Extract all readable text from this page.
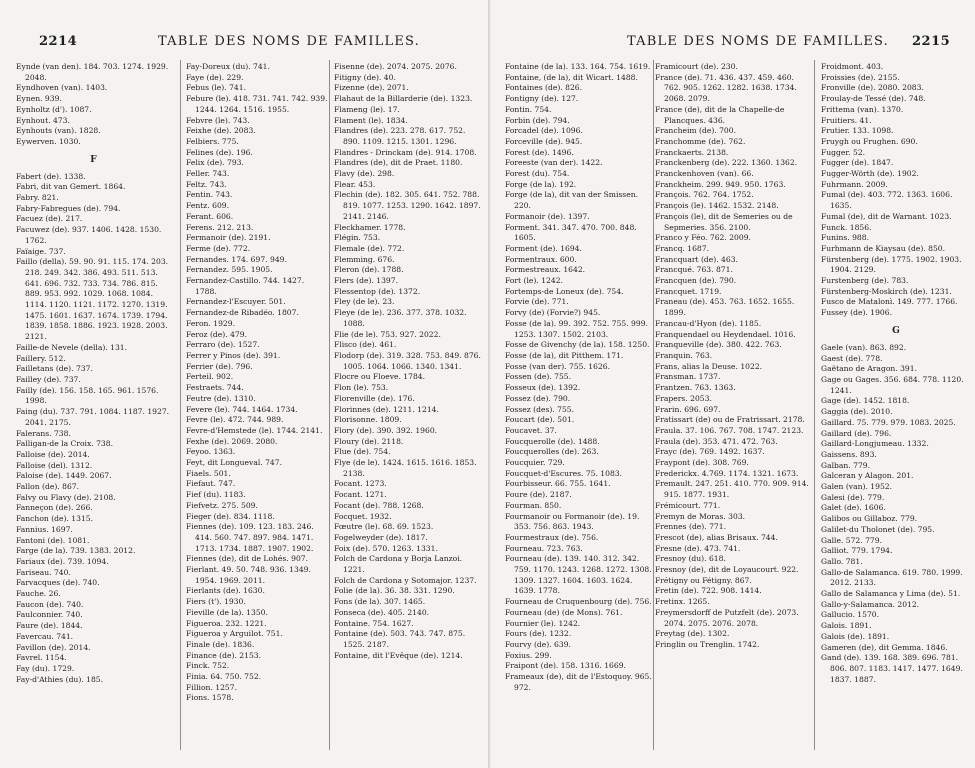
2214	TABLE DES NOMS DE FAMILLES.
Eynde (van den). 184. 703. 1274. 1929. 2048.
Eyndhoven (van). 1403.
Eynen. 939.
Eynholtz (d'). 1087.
Eynhout. 473.
Eynhouts (van). 1828.
Eywerven. 1030.
F
Fabert (de). 1338.
Fabri, dit van Gemert. 1864.
Fabry. 821.
Fabry-Fabregues (de). 794.
Facuez (de). 217.
Facuwez (de). 937. 1406. 1428. 1530. 1762.
Faïaige. 737.
Faillo (della). 59. 90. 91. 115. 174. 203. 218. 249. 342. 386. 493. 511. 513. 641. 696. 732. 733. 734. 786. 815. 889. 953. 992. 1029. 1068. 1084. 1114. 1120. 1121. 1172. 1270. 1319. 1475. 1601. 1637. 1674. 1739. 1794. 1839. 1858. 1886. 1923. 1928. 2003. 2121.
Faille-de Nevele (della). 131.
Faillery. 512.
Failletans (de). 737.
Failley (de). 737.
Failly (de). 156. 158. 165. 961. 1576. 1998.
Faing (du). 737. 791. 1084. 1187. 1927. 2041. 2175.
Falerans. 738.
Falligan-de la Croix. 738.
Falloise (de). 2014.
Falloise (del). 1312.
Faloise (de). 1449. 2067.
Fallon (de). 867.
Falvy ou Flavy (de). 2108.
Fanneçon (de). 266.
Fanchon (de). 1315.
Fannius. 1697.
Fantoni (de). 1081.
Farge (de la). 739. 1383. 2012.
Fariaux (de). 739. 1094.
Fariseau. 740.
Farvacques (de). 740.
Fauche. 26.
Faucon (de). 740.
Faulconnier. 740.
Faure (de). 1844.
Favercau. 741.
Favillon (de). 2014.
Favrel. 1154.
Fay (du). 1729.
Fay-d'Athies (du). 185.
Fay-Doreux (du). 741.
Faye (de). 229.
Febus (le). 741.
Febure (le). 418. 731. 741. 742. 939. 1244. 1264. 1516. 1955.
Febvre (le). 743.
Feixhe (de). 2083.
Felbiers. 775.
Felines (de). 196.
Felix (de). 793.
Feller. 743.
Feltz. 743.
Fentin. 743.
Fentz. 609.
Ferant. 606.
Ferens. 212. 213.
Fermanoir (de). 2191.
Ferme (de). 772.
Fernandes. 174. 697. 949.
Fernandez. 595. 1905.
Fernandez-Castillo. 744. 1427. 1788.
Fernandez-l'Escuyer. 501.
Fernandez-de Ribadéo. 1807.
Feron. 1929.
Feroz (de). 479.
Ferraro (de). 1527.
Ferrer y Pinos (de). 391.
Ferrier (de). 796.
Ferteil. 902.
Festraets. 744.
Feutre (de). 1310.
Fevere (le). 744. 1464. 1734.
Fevre (le). 472. 744. 989.
Fevre-d'Hemstede (le). 1744. 2141.
Fexhe (de). 2069. 2080.
Feyoo. 1363.
Feyt, dit Longueval. 747.
Fiaels. 501.
Fiefaut. 747.
Fief (du). 1183.
Fiefvetz. 275. 509.
Fieger (de). 834. 1118.
Fiennes (de). 109. 123. 183. 246. 414. 560. 747. 897. 984. 1471. 1713. 1734. 1887. 1907. 1902.
Fiennes (de), dit de Lohés. 907.
Fierlant. 49. 50. 748. 936. 1349. 1954. 1969. 2011.
Fierlants (de). 1630.
Fiers (t'). 1930.
Fieville (de la). 1350.
Figueroa. 232. 1221.
Figueroa y Arguilot. 751.
Finale (de). 1836.
Finance (de). 2153.
Finck. 752.
Finia. 64. 750. 752.
Fillion. 1257.
Fions. 1578.
Fisenne (de). 2074. 2075. 2076.
Fitigny (de). 40.
Fizenne (de). 2071.
Flahaut de la Billarderie (de). 1323.
Flameng (le). 17.
Flament (le). 1834.
Flandres (de). 223. 278. 617. 752. 890. 1109. 1215. 1301. 1296.
Flandres - Drinckam (de). 914. 1708.
Flandres (de), dit de Praet. 1180.
Flavy (de). 298.
Flear. 453.
Flechin (de). 182. 305. 641. 752. 788. 819. 1077. 1253. 1290. 1642. 1897. 2141. 2146.
Fleckhamer. 1778.
Flégin. 753.
Flemale (de). 772.
Flemming. 676.
Fleron (de). 1788.
Flers (de). 1397.
Flessentop (de). 1372.
Fley (de le). 23.
Fleye (de le). 236. 377. 378. 1032. 1088.
Flie (de le). 753. 927. 2022.
Flisco (de). 461.
Flodorp (de). 319. 328. 753. 849. 876. 1005. 1064. 1066. 1340. 1341.
Flocre ou Floeve. 1784.
Flon (le). 753.
Florenville (de). 176.
Florinnes (de). 1211. 1214.
Florisonne. 1809.
Flory (de). 390. 392. 1960.
Floury (de). 2118.
Flue (de). 754.
Flye (de le). 1424. 1615. 1616. 1853. 2138.
Focant. 1273.
Focant. 1271.
Focant (de). 788. 1268.
Focquet. 1932.
Fœutre (le). 68. 69. 1523.
Fogelweyder (de). 1817.
Foix (de). 570. 1263. 1331.
Folch de Cardona y Borja Lanzoi. 1221.
Folch de Cardona y Sotomajor. 1237.
Folie (de la). 36. 38. 331. 1290.
Fons (de la). 307. 1465.
Fonseca (de). 405. 2140.
Fontaine. 754. 1627.
Fontaine (de). 503. 743. 747. 875. 1525. 2187.
Fontaine, dit l'Evêque (de). 1214.
TABLE DES NOMS DE FAMILLES. 2215
Fontaine (de la). 133. 164. 754. 1619.
Fontaine, (de la), dit Wicart. 1488.
Fontaines (de). 826.
Fontigny (de). 127.
Fontin. 754.
Forbin (de). 794.
Forcadel (de). 1096.
Forceville (de). 945.
Forest (de). 1496.
Foreeste (van der). 1422.
Forest (du). 754.
Forge (de la). 192.
Forge (de la), dit van der Smissen. 220.
Formanoir (de). 1397.
Forment. 341. 347. 470. 700. 848. 1605.
Forment (de). 1694.
Formentraux. 600.
Formestreaux. 1642.
Fort (le). 1242.
Fortemps-de Loneux (de). 754.
Forvie (de). 771.
Forvy (de) (Forvie?) 945.
Fosse (de la). 99. 392. 752. 755. 999. 1253. 1307. 1502. 2103.
Fosse de Givenchy (de la). 158. 1250.
Fosse (de la), dit Pitthem. 171.
Fosse (van der). 755. 1626.
Fossen (de). 755.
Fosseux (de). 1392.
Fossez (de). 790.
Fossez (des). 755.
Foucart (de). 501.
Foucavet. 37.
Foucquerolle (de). 1488.
Foucquerolles (de). 263.
Foucquier. 729.
Foucquet-d'Escures. 75. 1083.
Fourbisseur. 66. 755. 1641.
Foure (de). 2187.
Fourman. 850.
Fourmanoir ou Formanoir (de). 19. 353. 756. 863. 1943.
Fourmestraux (de). 756.
Fourneau. 723. 763.
Fourneau (de). 139. 140. 312. 342. 759. 1170. 1243. 1268. 1272. 1308. 1309. 1327. 1604. 1603. 1624. 1639. 1778.
Fourneau de Cruquenbourg (de). 756.
Fourneau (de) (de Mons). 761.
Fournier (le). 1242.
Fours (de). 1232.
Fourvy (de). 639.
Foxius. 299.
Fraipont (de). 158. 1316. 1669.
Frameaux (de), dit de l'Estoquoy. 965. 972.
Framicourt (de). 230.
France (de). 71. 436. 437. 459. 460. 762. 905. 1262. 1282. 1638. 1734. 2068. 2079.
France (de), dit de la Chapelle-de Plancques. 436.
Francheim (de). 700.
Franchomme (de). 762.
Franckaerts. 2138.
Franckenberg (de). 222. 1360. 1362.
Franckenhoven (van). 66.
Franckheim. 299. 949. 950. 1763.
François. 762. 764. 1752.
François (le). 1462. 1532. 2148.
François (le), dit de Semeries ou de Sepmeries. 356. 2100.
Franco y Féo. 762. 2009.
Francq. 1687.
Francquart (de). 463.
Francqué. 763. 871.
Francquen (de). 790.
Francquet. 1719.
Franeau (de). 453. 763. 1652. 1655. 1899.
Francau-d'Hyon (de). 1185.
Franquendael ou Heydendael. 1016.
Franqueville (de). 380. 422. 763.
Franquin. 763.
Frans, alias la Deuse. 1022.
Fransman. 1737.
Frantzen. 763. 1363.
Frapers. 2053.
Frarin. 696. 697.
Fratissart (de) ou de Fratrissart. 2178.
Fraula. 37. 106. 767. 708. 1747. 2123.
Fraula (de). 353. 471. 472. 763.
Frayc (de). 769. 1492. 1637.
Fraypont (de). 308. 769.
Frederickx. 4.769. 1174. 1321. 1673.
Fremault. 247. 251. 410. 770. 909. 914. 915. 1877. 1931.
Frémicourt. 771.
Fremyn de Moras. 303.
Frennes (de). 771.
Frescot (de), alias Brisaux. 744.
Fresne (de). 473. 741.
Fresnoy (du). 618.
Fresnoy (de), dit de Loyaucourt. 922.
Frétigny ou Fétigny. 867.
Fretin (de). 722. 908. 1414.
Fretinx. 1265.
Freymersdorff de Putzfelt (de). 2073. 2074. 2075. 2076. 2078.
Freytag (de). 1302.
Fringlin ou Trenglin. 1742.
Froidmont. 403.
Froissies (de). 2155.
Fronville (de). 2080. 2083.
Froulay-de Tessé (de). 748.
Frittema (van). 1370.
Fruitiers. 41.
Frutier. 133. 1098.
Fruygh ou Frughen. 690.
Fugger. 52.
Fugger (de). 1847.
Fugger-Wörth (de). 1902.
Fuhrmann. 2009.
Fumal (de). 403. 772. 1363. 1606. 1635.
Fumal (de), dit de Warnant. 1023.
Funck. 1856.
Funins. 988.
Furhmann de Kiaysau (de). 850.
Fürstenberg (de). 1775. 1902. 1903. 1904. 2129.
Furstenberg (de). 783.
Fürstenberg-Moskirch (de). 1231.
Fusco de Matalonì. 149. 777. 1766.
Fussey (de). 1906.
G
Gaele (van). 863. 892.
Gaest (de). 778.
Gaëtano de Aragon. 391.
Gage ou Gages. 356. 684. 778. 1120. 1241.
Gage (de). 1452. 1818.
Gaggia (de). 2010.
Gaillard. 75. 779. 979. 1083. 2025.
Gaillard (de). 796.
Gaillard-Longjumeau. 1332.
Gaissens. 893.
Galban. 779.
Galceran y Alagon. 201.
Galen (van). 1952.
Galesi (de). 779.
Galet (de). 1606.
Galibos ou Gillaboz. 779.
Galilet-du Tholonet (de). 795.
Galle. 572. 779.
Galliot. 779. 1794.
Gallo. 781.
Gallo-de Salamanca. 619. 780. 1999. 2012. 2133.
Gallo de Salamanca y Lima (de). 51.
Gallo-y-Salamanca. 2012.
Gallucio. 1570.
Galois. 1891.
Galois (de). 1891.
Gameren (de), dit Gemma. 1846.
Gand (de). 139. 168. 389. 696. 781. 806. 807. 1183. 1417. 1477. 1649. 1837. 1887.
